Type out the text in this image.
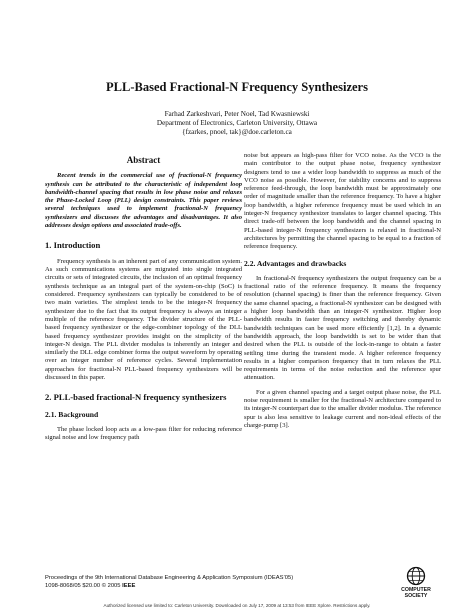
PLL-Based Fractional-N Frequency Synthesizers
Farhad Zarkeshvari, Peter Noel, Tad Kwasniewski
Department of Electronics, Carleton University, Ottawa
{fzarkes, pnoel, tak}@doe.carleton.ca
Abstract

Recent trends in the commercial use of fractional-N frequency synthesis can be attributed to the characteristic of independent loop bandwidth-channel spacing that results in low phase noise and relaxes the Phase-Locked Loop (PLL) design constraints. This paper reviews several techniques used to implement fractional-N frequency synthesizers and discusses the advantages and disadvantages. It also addresses design options and associated trade-offs.

1. Introduction

Frequency synthesis is an inherent part of any communication system. As such communications systems are migrated into single integrated circuits or sets of integrated circuits, the inclusion of an optimal frequency synthesis technique as an integral part of the system-on-chip (SoC) is considered. Frequency synthesizers can typically be considered to be of two main varieties. The simplest tends to be the integer-N frequency synthesizer due to the fact that its output frequency is always an integer multiple of the reference frequency. The divider structure of the PLL-based frequency synthesizer or the edge-combiner topology of the DLL based frequency synthesizer provides insight on the simplicity of the integer-N design. The PLL divider modulus is inherently an integer and similarly the DLL edge combiner forms the output waveform by operating over an integer number of reference cycles. Several implementation approaches for fractional-N PLL-based frequency synthesizers will be discussed in this paper.

2. PLL-based fractional-N frequency synthesizers
2.1. Background

The phase locked loop acts as a low-pass filter for reducing reference signal noise and low frequency path

noise but appears as high-pass filter for VCO noise. As the VCO is the main contributor to the output phase noise, frequency synthesizer designers tend to use a wider loop bandwidth to suppress as much of the VCO noise as possible. However, for stability concerns and to suppress reference feed-through, the loop bandwidth must be approximately one order of magnitude smaller than the reference frequency. To have a higher loop bandwidth, a higher reference frequency must be used which in an integer-N frequency synthesizer translates to larger channel spacing. This direct trade-off between the loop bandwidth and the channel spacing in PLL-based integer-N frequency synthesizers is relaxed in fractional-N architectures by permitting the channel spacing to be equal to a fraction of reference frequency.

2.2. Advantages and drawbacks

In fractional-N frequency synthesizers the output frequency can be a fractional ratio of the reference frequency. It means the frequency resolution (channel spacing) is finer than the reference frequency. Given the same channel spacing, a fractional-N synthesizer can be designed with a higher loop bandwidth than an integer-N synthesizer. Higher loop bandwidth results in faster frequency switching and thereby dynamic bandwidth techniques can be used more efficiently [1,2]. In a dynamic bandwidth approach, the loop bandwidth is set to be wider than that desired when the PLL is outside of the lock-in-range to obtain a faster settling time during the transient mode. A higher reference frequency results in a higher comparison frequency that in turn relaxes the PLL requirements in terms of the noise reduction and the reference spur attenuation.

For a given channel spacing and a target output phase noise, the PLL noise requirement is smaller for the fractional-N architecture compared to its integer-N counterpart due to the smaller divider modulus. The reference spur is also less sensitive to leakage current and non-ideal effects of the charge-pump [3].

Proceedings of the 9th International Database Engineering & Application Symposium (IDEAS’05)
1098-8068/05 $20.00 © 2005 IEEE
COMPUTER
SOCIETY
Authorized licensed use limited to: Carleton University. Downloaded on July 17, 2009 at 13:53 from IEEE Xplore. Restrictions apply.
